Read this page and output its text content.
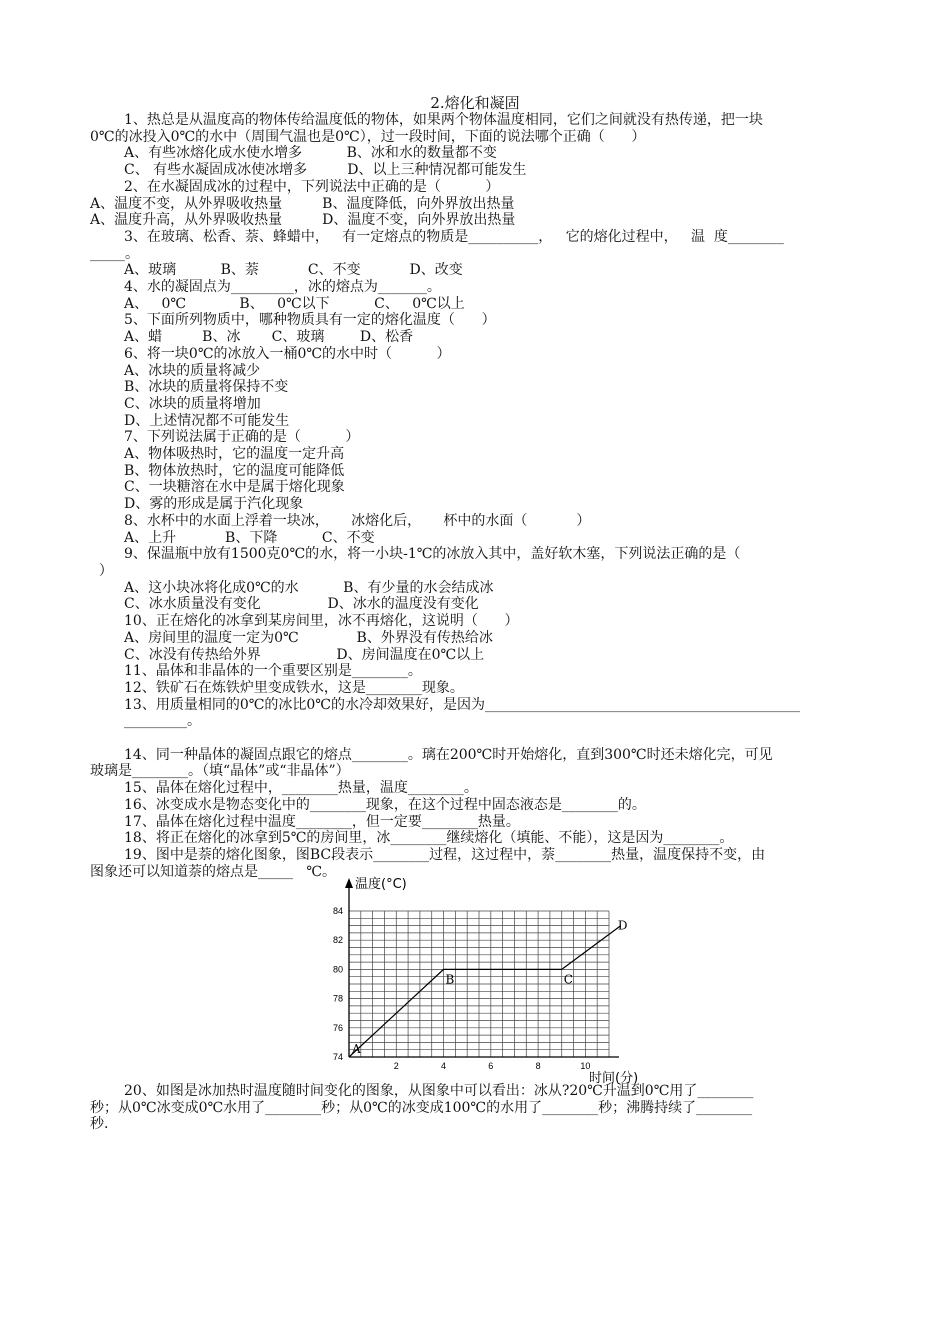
2.熔化和凝固

1、热总是从温度高的物体传给温度低的物体，如果两个物体温度相同，它们之间就没有热传递，把一块

0℃的冰投入0℃的水中（周围气温也是0℃），过一段时间，下面的说法哪个正确（      ）

A、有些冰熔化成水使水增多          B、冰和水的数量都不变

C、 有些水凝固成冰使冰增多         D、以上三种情况都可能发生

2、在水凝固成冰的过程中，下列说法中正确的是（          ）

A、温度不变，从外界吸收热量         B、温度降低，向外界放出热量

A、温度升高，从外界吸收热量         D、温度不变，向外界放出热量

3、在玻璃、松香、萘、蜂蜡中，   有一定熔点的物质是__________，   它的熔化过程中，   温  度________

_____。

A、玻璃          B、萘           C、不变           D、改变

4、水的凝固点为_________，冰的熔点为_______。

A、   0℃            B、   0℃以下          C、   0℃以上

5、下面所列物质中，哪种物质具有一定的熔化温度（      ）

A、蜡         B、冰       C、玻璃        D、松香

6、将一块0℃的冰放入一桶0℃的水中时（          ）

A、冰块的质量将减少

B、冰块的质量将保持不变

C、冰块的质量将增加

D、上述情况都不可能发生

7、下列说法属于正确的是（          ）

A、物体吸热时，它的温度一定升高

B、物体放热时，它的温度可能降低

C、一块糖溶在水中是属于熔化现象

D、雾的形成是属于汽化现象

8、水杯中的水面上浮着一块冰，     冰熔化后，     杯中的水面（           ）

A、上升           B、下降          C、不变

9、保温瓶中放有1500克0℃的水，将一小块-1℃的冰放入其中，盖好软木塞，下列说法正确的是（

）

A、这小块冰将化成0℃的水          B、有少量的水会结成冰

C、冰水质量没有变化               D、冰水的温度没有变化

10、正在熔化的冰拿到某房间里，冰不再熔化，这说明（      ）

A、房间里的温度一定为0℃             B、外界没有传热给冰

C、冰没有传热给外界                 D、房间温度在0℃以上

11、晶体和非晶体的一个重要区别是________。

12、铁矿石在炼铁炉里变成铁水，这是________现象。

13、用质量相同的0℃的冰比0℃的水冷却效果好，是因为_____________________________________________

_________。

14、同一种晶体的凝固点跟它的熔点________。璃在200℃时开始熔化，直到300℃时还未熔化完，可见

玻璃是________。（填“晶体”或“非晶体”）

15、晶体在熔化过程中，________热量，温度________。

16、冰变成水是物态变化中的________现象，在这个过程中固态液态是________的。

17、晶体在熔化过程中温度________，但一定要________热量。

18、将正在熔化的冰拿到5℃的房间里，冰________继续熔化（填能、不能），这是因为________。

19、图中是萘的熔化图象，图BC段表示________过程，这过程中，萘________热量，温度保持不变，由

图象还可以知道萘的熔点是_____   ℃。

74
76
78
80
82
84
2	4	6	8	10
温度(°C)
时间(分)
A
B	C
D

20、如图是冰加热时温度随时间变化的图象，从图象中可以看出：冰从?20℃升温到0℃用了________

秒；从0℃冰变成0℃水用了________秒；从0℃的冰变成100℃的水用了________秒；沸腾持续了________

秒.
